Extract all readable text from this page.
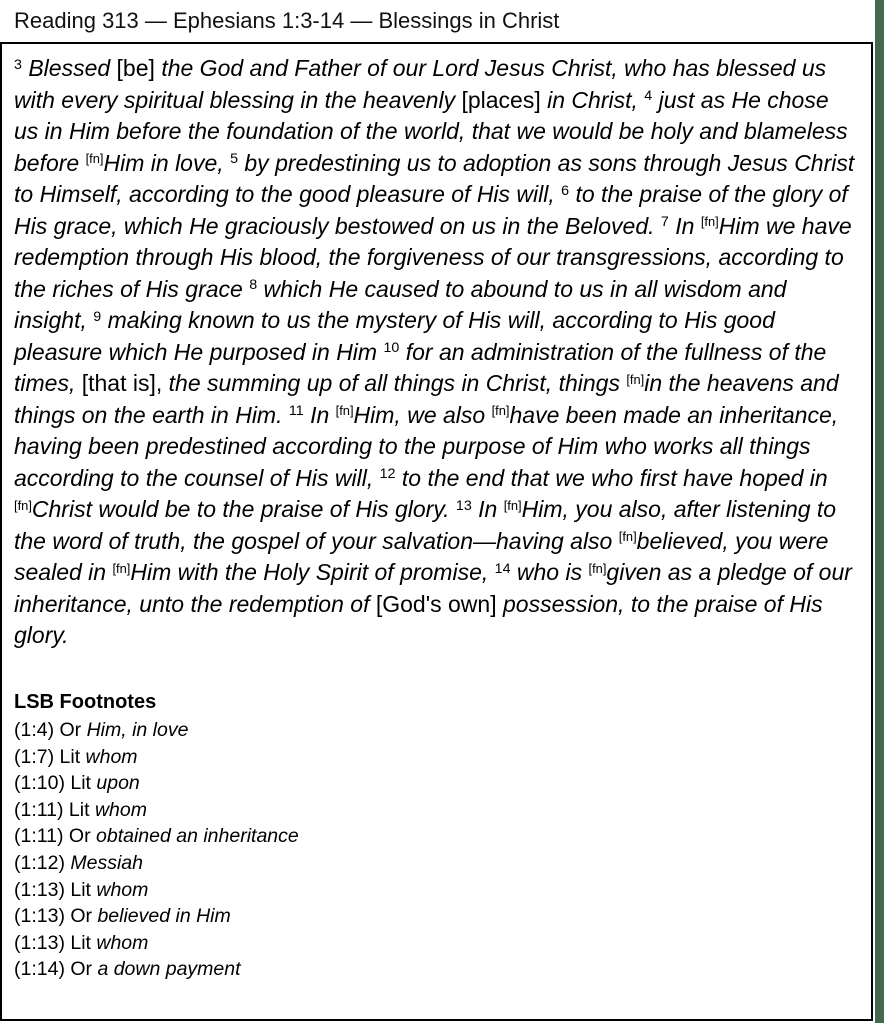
Reading 313 — Ephesians 1:3-14 — Blessings in Christ

$^3$ Blessed [be] the God and Father of our Lord Jesus Christ, who has blessed us with every spiritual blessing in the heavenly [places] in Christ, $^4$ just as He chose us in Him before the foundation of the world, that we would be holy and blameless before [fn]Him in love, $^5$ by predestining us to adoption as sons through Jesus Christ to Himself, according to the good pleasure of His will, $^6$ to the praise of the glory of His grace, which He graciously bestowed on us in the Beloved. $^7$ In [fn]Him we have redemption through His blood, the forgiveness of our transgressions, according to the riches of His grace $^8$ which He caused to abound to us in all wisdom and insight, $^9$ making known to us the mystery of His will, according to His good pleasure which He purposed in Him $^{10}$ for an administration of the fullness of the times, [that is], the summing up of all things in Christ, things [fn]in the heavens and things on the earth in Him. $^{11}$ In [fn]Him, we also [fn]have been made an inheritance, having been predestined according to the purpose of Him who works all things according to the counsel of His will, $^{12}$ to the end that we who first have hoped in [fn]Christ would be to the praise of His glory. $^{13}$ In [fn]Him, you also, after listening to the word of truth, the gospel of your salvation—having also [fn]believed, you were sealed in [fn]Him with the Holy Spirit of promise, $^{14}$ who is [fn]given as a pledge of our inheritance, unto the redemption of [God's own] possession, to the praise of His glory.

LSB Footnotes
(1:4) Or Him, in love
(1:7) Lit whom
(1:10) Lit upon
(1:11) Lit whom
(1:11) Or obtained an inheritance
(1:12) Messiah
(1:13) Lit whom
(1:13) Or believed in Him
(1:13) Lit whom
(1:14) Or a down payment
